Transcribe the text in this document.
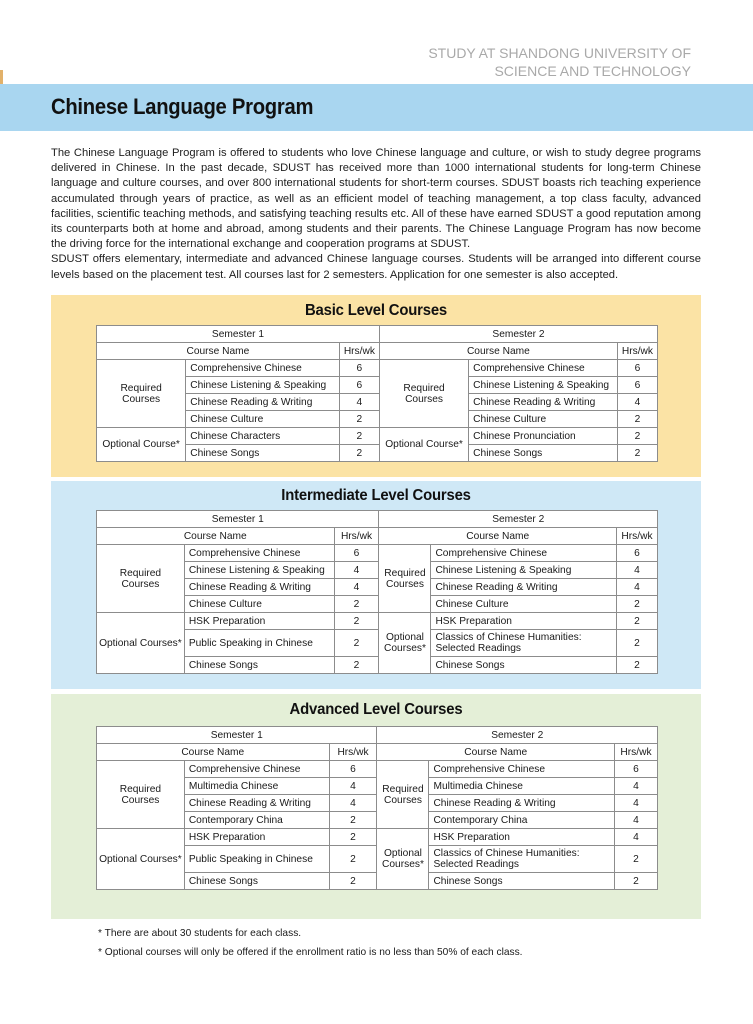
STUDY AT SHANDONG UNIVERSITY OF
SCIENCE AND TECHNOLOGY
Chinese Language Program

The Chinese Language Program is offered to students who love Chinese language and culture, or wish to study degree programs delivered in Chinese. In the past decade, SDUST has received more than 1000 international students for long-term Chinese language and culture courses, and over 800 international students for short-term courses. SDUST boasts rich teaching experience accumulated through years of practice, as well as an efficient model of teaching management, a top class faculty, advanced facilities, scientific teaching methods, and satisfying teaching results etc. All of these have earned SDUST a good reputation among its counterparts both at home and abroad, among students and their parents. The Chinese Language Program has now become the driving force for the international exchange and cooperation programs at SDUST.

SDUST offers elementary, intermediate and advanced Chinese language courses. Students will be arranged into different course levels based on the placement test. All courses last for 2 semesters. Application for one semester is also accepted.

Basic Level Courses
Semester 1			Semester 2		
Course Name		Hrs/wk	Course Name		Hrs/wk
Required Courses	Comprehensive Chinese	6	Required Courses	Comprehensive Chinese	6
	Chinese Listening & Speaking	6		Chinese Listening & Speaking	6
	Chinese Reading & Writing	4		Chinese Reading & Writing	4
	Chinese Culture	2		Chinese Culture	2
Optional Course*	Chinese Characters	2	Optional Course*	Chinese Pronunciation	2
	Chinese Songs	2		Chinese Songs	2
Intermediate Level Courses
Semester 1			Semester 2		
Course Name		Hrs/wk	Course Name		Hrs/wk
Required Courses	Comprehensive Chinese	6	Required Courses	Comprehensive Chinese	6
	Chinese Listening & Speaking	4		Chinese Listening & Speaking	4
	Chinese Reading & Writing	4		Chinese Reading & Writing	4
	Chinese Culture	2		Chinese Culture	2
Optional Courses*	HSK Preparation	2	Optional Courses*	HSK Preparation	2
	Public Speaking in Chinese	2		Classics of Chinese Humanities: Selected Readings	2
	Chinese Songs	2		Chinese Songs	2
Advanced Level Courses
Semester 1			Semester 2		
Course Name		Hrs/wk	Course Name		Hrs/wk
Required Courses	Comprehensive Chinese	6	Required Courses	Comprehensive Chinese	6
	Multimedia Chinese	4		Multimedia Chinese	4
	Chinese Reading & Writing	4		Chinese Reading & Writing	4
	Contemporary China	2		Contemporary China	4
Optional Courses*	HSK Preparation	2	Optional Courses*	HSK Preparation	4
	Public Speaking in Chinese	2		Classics of Chinese Humanities: Selected Readings	2
	Chinese Songs	2		Chinese Songs	2

* There are about 30 students for each class.

* Optional courses will only be offered if the enrollment ratio is no less than 50% of each class.
